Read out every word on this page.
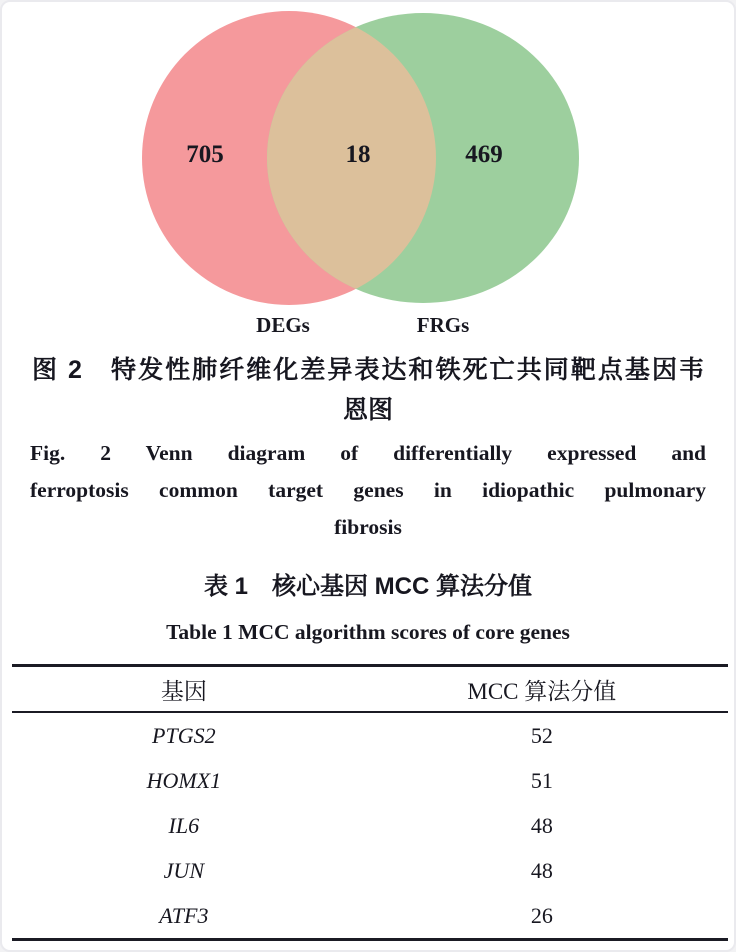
705	18	469
DEGs	FRGs
图 2　特发性肺纤维化差异表达和铁死亡共同靶点基因韦
恩图
Fig. 2 Venn diagram of differentially expressed and
ferroptosis common target genes in idiopathic pulmonary
fibrosis
表 1　核心基因 MCC 算法分值
Table 1 MCC algorithm scores of core genes
基因	MCC 算法分值
PTGS2	52
HOMX1	51
IL6	48
JUN	48
ATF3	26
